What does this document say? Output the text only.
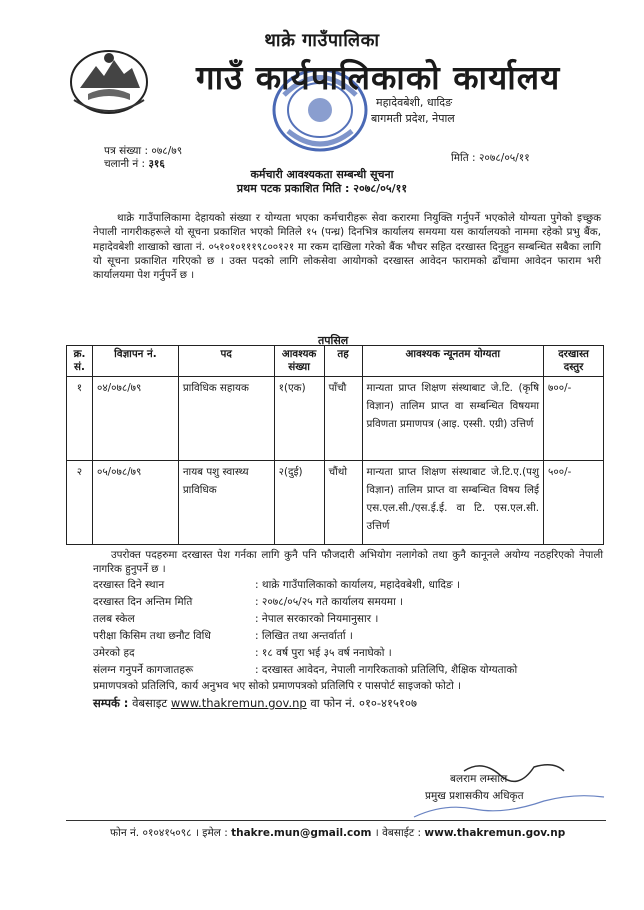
थाक्रे गाउँपालिका
गाउँ कार्यपालिकाको कार्यालय
महादेवबेशी, धादिङ
बागमती प्रदेश, नेपाल
पत्र संख्या : ०७८/७९
चलानी नं : ३१६	मिति : २०७८/०५/११
कर्मचारी आवश्यकता सम्बन्धी सूचना
प्रथम पटक प्रकाशित मिति : २०७८/०५/११
थाक्रे गाउँपालिकामा देहायको संख्या र योग्यता भएका कर्मचारीहरू सेवा करारमा नियुक्ति गर्नुपर्ने भएकोले योग्यता पुगेको इच्छुक नेपाली नागरीकहरूले यो सूचना प्रकाशित भएको मितिले १५ (पन्ध्र) दिनभित्र कार्यालय समयमा यस कार्यालयको नाममा रहेको प्रभु बैंक, महादेवबेशी शाखाको खाता नं. ०५१०१०१११९८००१२१ मा रकम दाखिला गरेको बैंक भौचर सहित दरखास्त दिनुहुन सम्बन्धित सबैका लागि यो सूचना प्रकाशित गरिएको छ । उक्त पदको लागि लोकसेवा आयोगको दरखास्त आवेदन फारामको ढाँचामा आवेदन फाराम भरी कार्यालयमा पेश गर्नुपर्ने छ ।
तपसिल
क्र. सं.	विज्ञापन नं.	पद	आवश्यक संख्या	तह	आवश्यक न्यूनतम योग्यता	दरखास्त दस्तुर
१	०४/०७८/७९	प्राविधिक सहायक	१(एक)	पाँचौ	मान्यता प्राप्त शिक्षण संस्थाबाट जे.टि. (कृषि विज्ञान) तालिम प्राप्त वा सम्बन्धित विषयमा प्रविणता प्रमाणपत्र (आइ. एस्सी. एग्री) उत्तिर्ण	७००/-
२	०५/०७८/७९	नायब पशु स्वास्थ्य प्राविधिक	२(दुई)	चौंथो	मान्यता प्राप्त शिक्षण संस्थाबाट जे.टि.ए.(पशु विज्ञान) तालिम प्राप्त वा सम्बन्धित विषय लिई एस.एल.सी./एस.ई.ई. वा टि. एस.एल.सी. उत्तिर्ण	५००/-
उपरोक्त पदहरुमा दरखास्त पेश गर्नका लागि कुनै पनि फौजदारी अभियोग नलागेको तथा कुनै कानूनले अयोग्य नठहरिएको नेपाली नागरिक हुनुपर्ने छ ।
दरखास्त दिने स्थान	: थाक्रे गाउँपालिकाको कार्यालय, महादेवबेशी, धादिङ ।
दरखास्त दिन अन्तिम मिति	: २०७८/०५/२५ गते कार्यालय समयमा ।
तलब स्केल	: नेपाल सरकारको नियमानुसार ।
परीक्षा किसिम तथा छनौट विधि	: लिखित तथा अन्तर्वार्ता ।
उमेरको हद	: १८ वर्ष पुरा भई ३५ वर्ष ननाघेको ।
संलग्न गनुपर्ने कागजातहरू	: दरखास्त आवेदन, नेपाली नागरिकताको प्रतिलिपि, शैक्षिक योग्यताको
प्रमाणपत्रको प्रतिलिपि, कार्य अनुभव भए सोको प्रमाणपत्रको प्रतिलिपि र पासपोर्ट साइजको फोटो ।
सम्पर्क : वेबसाइट www.thakremun.gov.np वा फोन नं. ०१०-४१५१०७
बलराम लम्साल
प्रमुख प्रशासकीय अधिकृत
फोन नं. ०१०४१५०९८ । इमेल : thakre.mun@gmail.com । वेबसाईट : www.thakremun.gov.np
